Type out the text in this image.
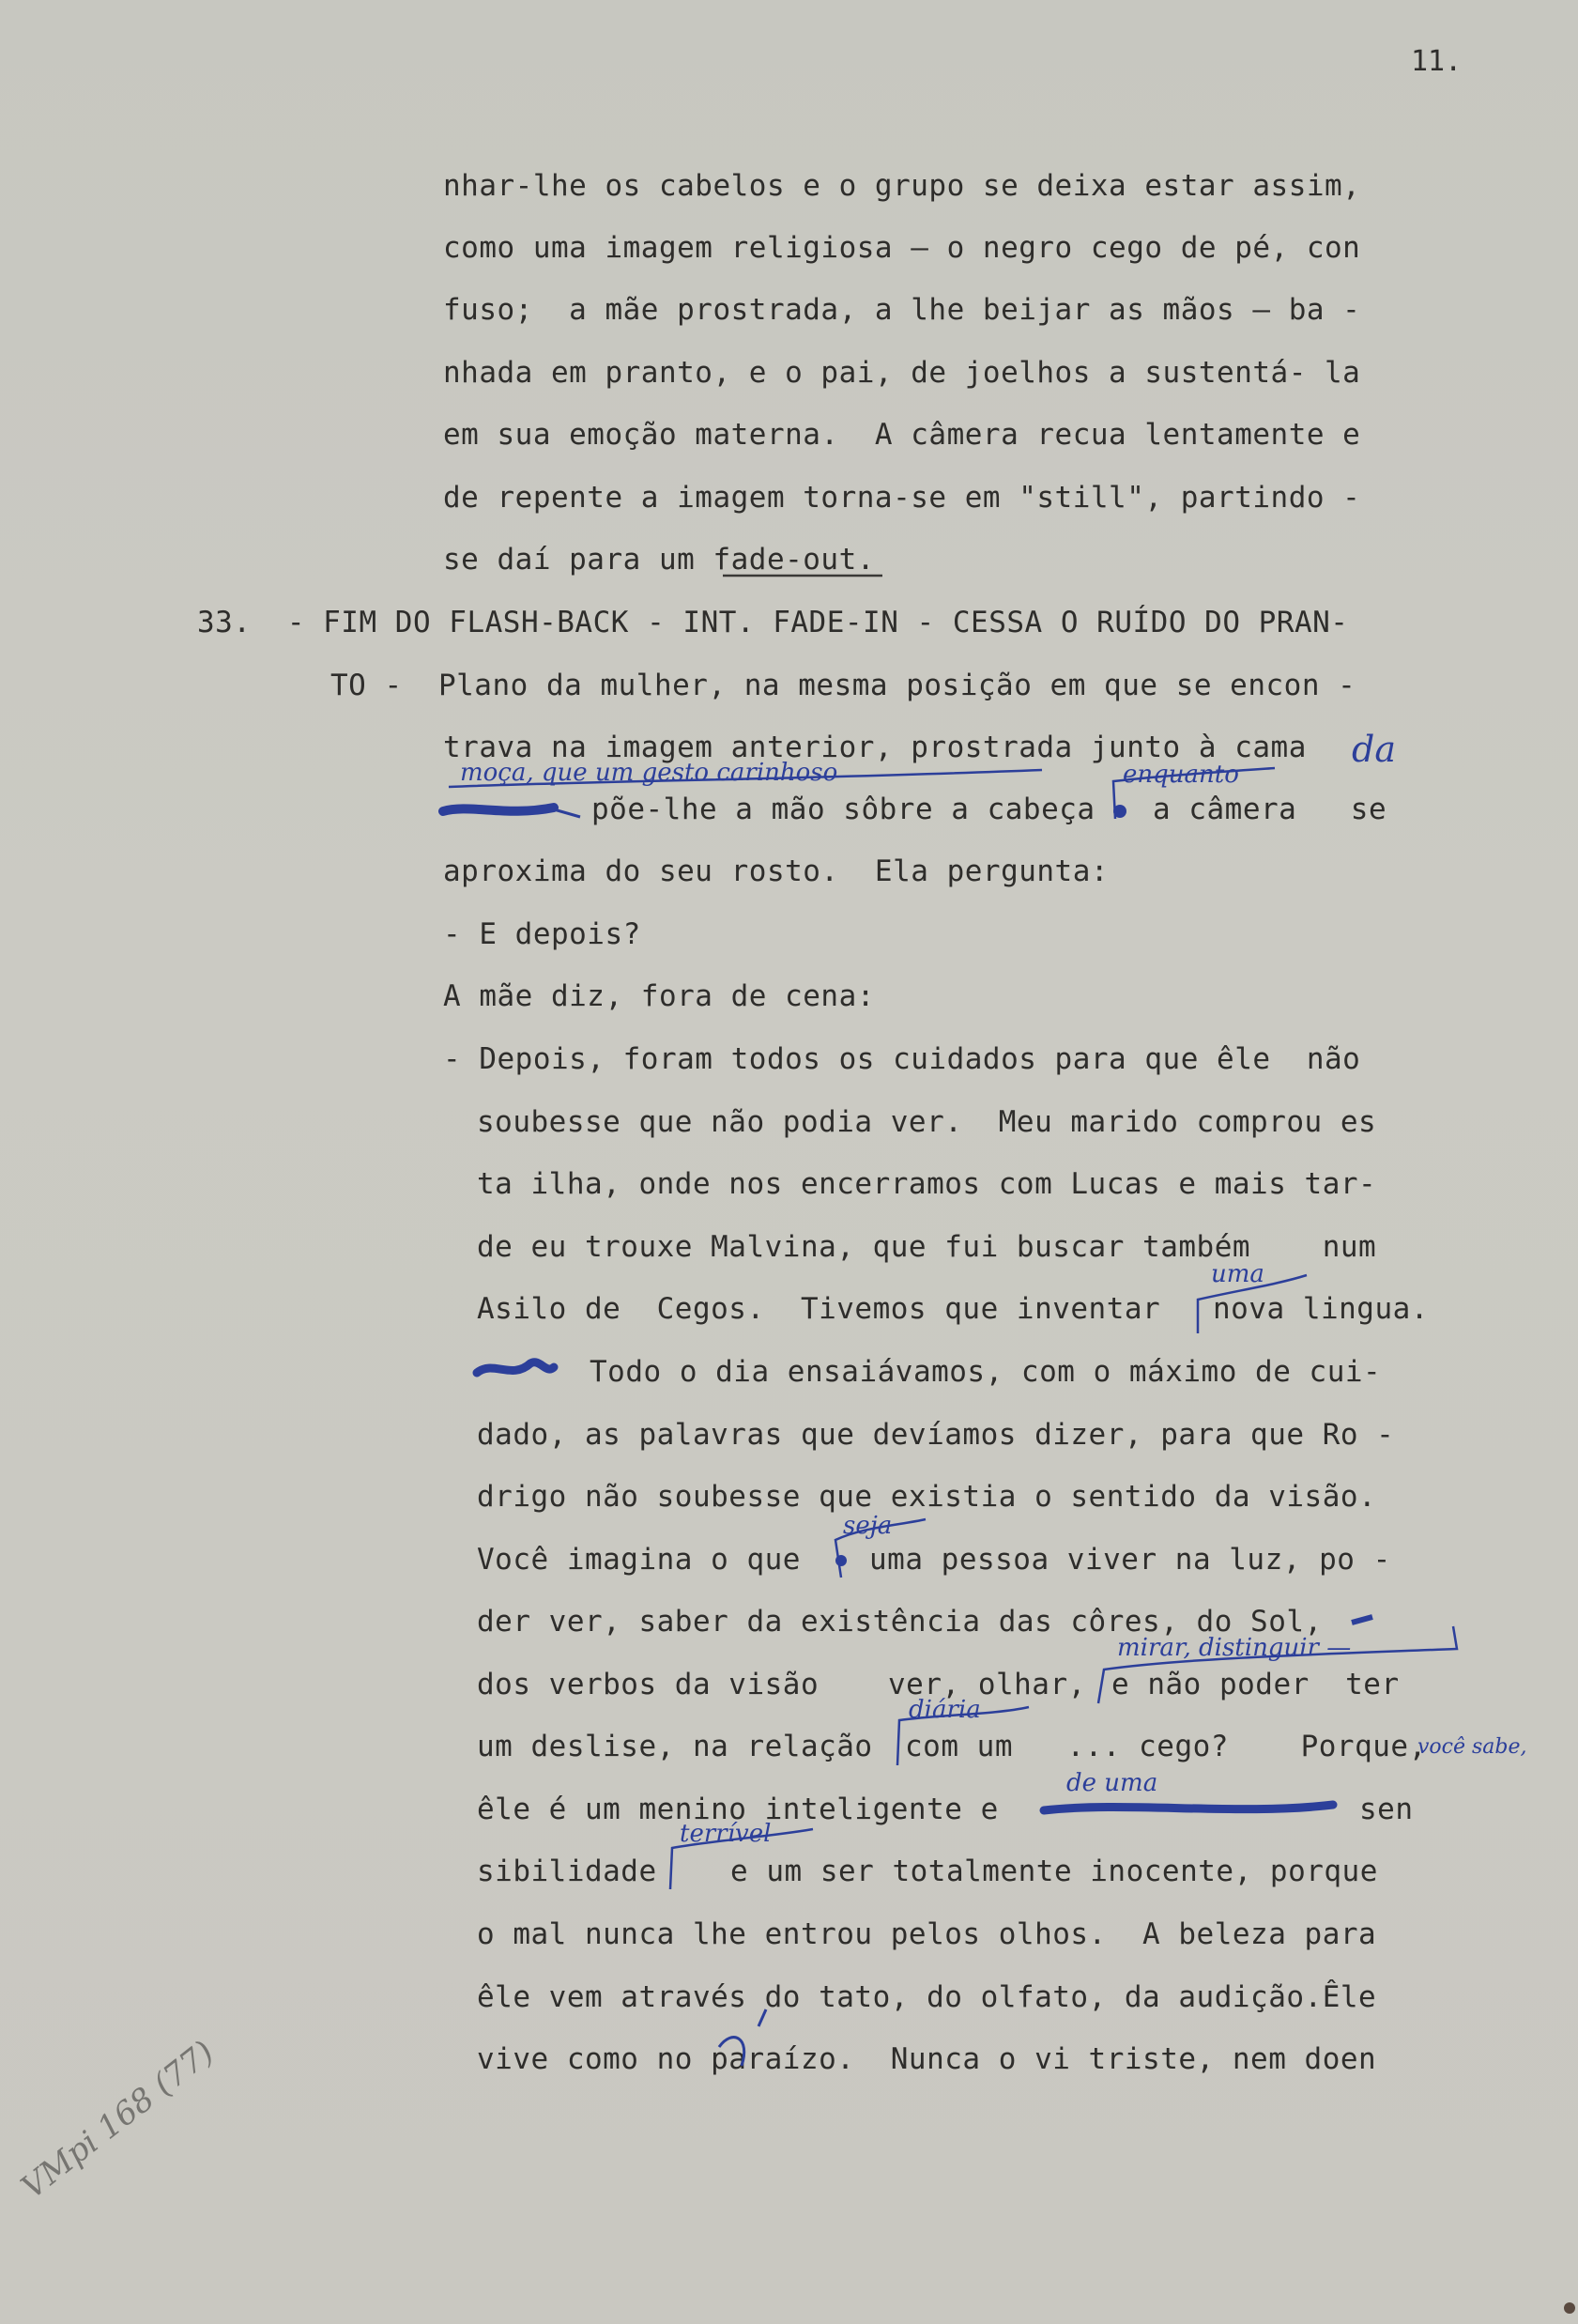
11.
nhar-lhe os cabelos e o grupo se deixa estar assim,
como uma imagem religiosa — o negro cego de pé, con
fuso;  a mãe prostrada, a lhe beijar as mãos — ba -
nhada em pranto, e o pai, de joelhos a sustentá- la
em sua emoção materna.  A câmera recua lentamente e
de repente a imagem torna-se em "still", partindo -
se daí para um fade-out.
33.  - FIM DO FLASH-BACK - INT. FADE-IN - CESSA O RUÍDO DO PRAN-
TO -  Plano da mulher, na mesma posição em que se encon -
trava na imagem anterior, prostrada junto à cama
põe-lhe a mão sôbre a cabeça a câmera   se
aproxima do seu rosto.  Ela pergunta:
- E depois?
A mãe diz, fora de cena:
- Depois, foram todos os cuidados para que êle  não
soubesse que não podia ver.  Meu marido comprou es
ta ilha, onde nos encerramos com Lucas e mais tar-
de eu trouxe Malvina, que fui buscar também    num
Asilo de  Cegos.  Tivemos que inventar nova lingua.
Todo o dia ensaiávamos, com o máximo de cui-
dado, as palavras que devíamos dizer, para que Ro -
drigo não soubesse que existia o sentido da visão.
Você imagina o que uma pessoa viver na luz, po -
der ver, saber da existência das côres, do Sol,
dos verbos da visão ver, olhar, e não poder  ter
um deslise, na relação com um   ... cego?    Porque,
êle é um menino inteligente e	sen
sibilidade	e um ser totalmente inocente, porque
o mal nunca lhe entrou pelos olhos.  A beleza para
êle vem através do tato, do olfato, da audição.Êle
vive como no paraízo.  Nunca o vi triste, nem doen
da
moça, que um gesto carinhoso	enquanto
uma
seja
mirar, distinguir —
diária
você sabe,
de uma
terrível
VMpi 168 (77)
